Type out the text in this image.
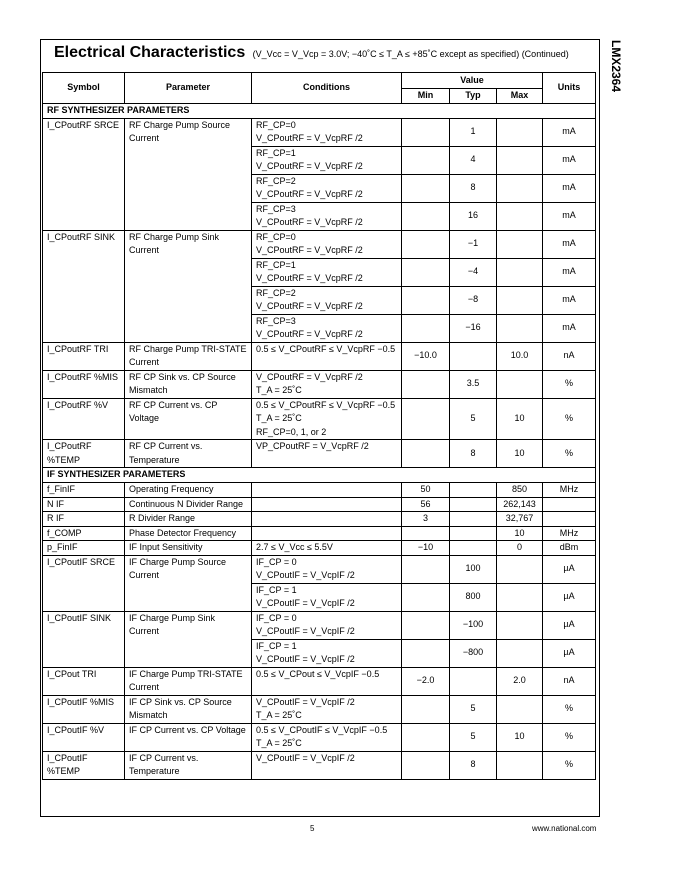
LMX2364
Electrical Characteristics (V_Vcc = V_Vcp = 3.0V; −40˚C ≤ T_A ≤ +85˚C except as specified) (Continued)
Symbol	Parameter	Conditions	Value			Units
			Min	Typ	Max	
RF SYNTHESIZER PARAMETERS						
I_CPoutRF SRCE	RF Charge Pump Source Current	RF_CP=0
V_CPoutRF = V_VcpRF /2		1		mA

		RF_CP=1
V_CPoutRF = V_VcpRF /2		4		mA

		RF_CP=2
V_CPoutRF = V_VcpRF /2		8		mA

		RF_CP=3
V_CPoutRF = V_VcpRF /2		16		mA
I_CPoutRF SINK	RF Charge Pump Sink Current	RF_CP=0
V_CPoutRF = V_VcpRF /2		−1		mA

		RF_CP=1
V_CPoutRF = V_VcpRF /2		−4		mA

		RF_CP=2
V_CPoutRF = V_VcpRF /2		−8		mA

		RF_CP=3
V_CPoutRF = V_VcpRF /2		−16		mA
I_CPoutRF TRI	RF Charge Pump TRI-STATE Current	0.5 ≤ V_CPoutRF ≤ V_VcpRF −0.5	−10.0		10.0	nA
I_CPoutRF %MIS	RF CP Sink vs. CP Source Mismatch	V_CPoutRF = V_VcpRF /2
T_A = 25˚C		3.5		%
I_CPoutRF %V	RF CP Current vs. CP Voltage	0.5 ≤ V_CPoutRF ≤ V_VcpRF −0.5
T_A = 25˚C
RF_CP=0, 1, or 2		5	10	%
I_CPoutRF %TEMP	RF CP Current vs. Temperature	VP_CPoutRF = V_VcpRF /2		8	10	%
IF SYNTHESIZER PARAMETERS						
f_FinIF	Operating Frequency		50		850	MHz
N IF	Continuous N Divider Range		56		262,143	
R IF	R Divider Range		3		32,767	
f_COMP	Phase Detector Frequency				10	MHz
p_FinIF	IF Input Sensitivity	2.7 ≤ V_Vcc ≤ 5.5V	−10		0	dBm
I_CPoutIF SRCE	IF Charge Pump Source Current	IF_CP = 0
V_CPoutIF = V_VcpIF /2		100		µA

		IF_CP = 1
V_CPoutIF = V_VcpIF /2		800		µA
I_CPoutIF SINK	IF Charge Pump Sink Current	IF_CP = 0
V_CPoutIF = V_VcpIF /2		−100		µA

		IF_CP = 1
V_CPoutIF = V_VcpIF /2		−800		µA
I_CPout TRI	IF Charge Pump TRI-STATE Current	0.5 ≤ V_CPout ≤ V_VcpIF −0.5	−2.0		2.0	nA
I_CPoutIF %MIS	IF CP Sink vs. CP Source Mismatch	V_CPoutIF = V_VcpIF /2
T_A = 25˚C		5		%
I_CPoutIF %V	IF CP Current vs. CP Voltage	0.5 ≤ V_CPoutIF ≤ V_VcpIF −0.5
T_A = 25˚C		5	10	%
I_CPoutIF %TEMP	IF CP Current vs. Temperature	V_CPoutIF = V_VcpIF /2		8		%
5	www.national.com
